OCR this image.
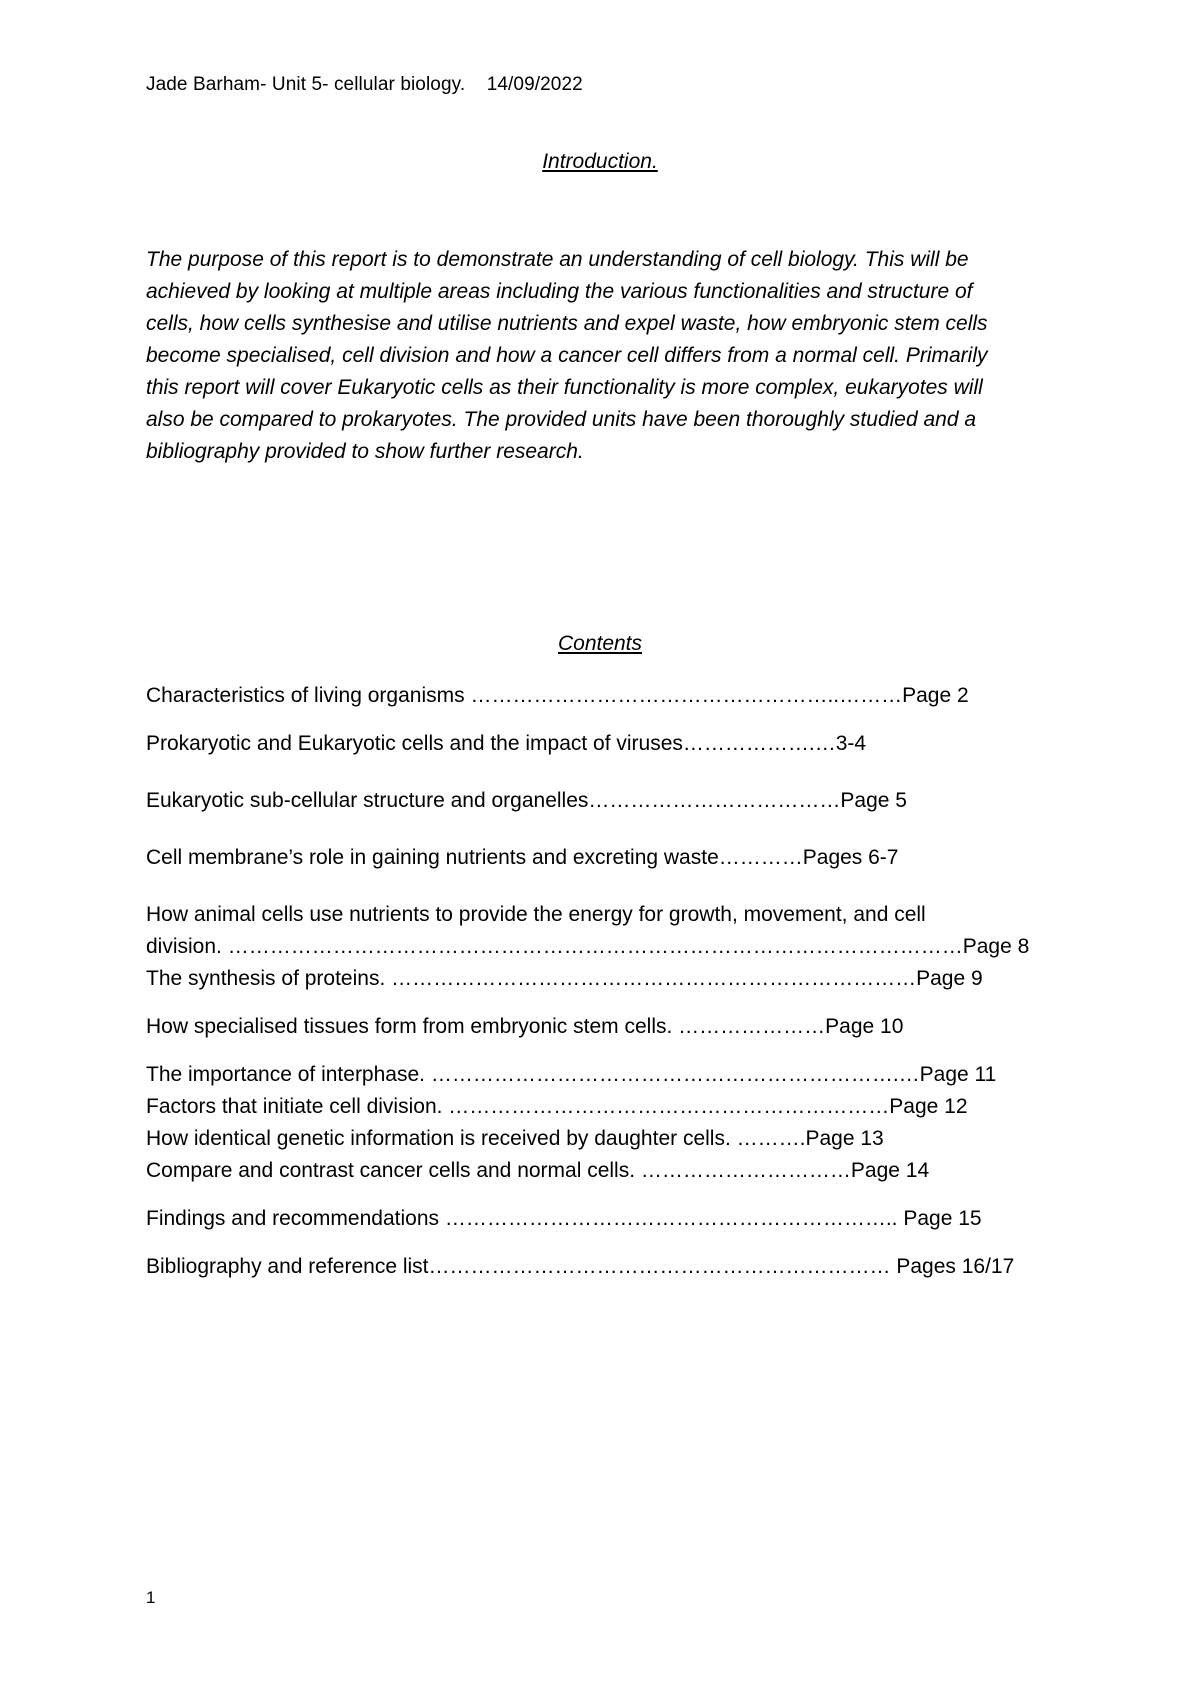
Jade Barham- Unit 5- cellular biology.    14/09/2022
Introduction.
The purpose of this report is to demonstrate an understanding of cell biology. This will be
achieved by looking at multiple areas including the various functionalities and structure of
cells, how cells synthesise and utilise nutrients and expel waste, how embryonic stem cells
become specialised, cell division and how a cancer cell differs from a normal cell. Primarily
this report will cover Eukaryotic cells as their functionality is more complex, eukaryotes will
also be compared to prokaryotes. The provided units have been thoroughly studied and a
bibliography provided to show further research.
Contents
Characteristics of living organisms ……………………………………………..………Page 2
Prokaryotic and Eukaryotic cells and the impact of viruses……………….…3-4
Eukaryotic sub-cellular structure and organelles………………………………Page 5
Cell membrane’s role in gaining nutrients and excreting waste…………Pages 6-7
How animal cells use nutrients to provide the energy for growth, movement, and cell
division. ……………………………………………………………………………………………Page 8
The synthesis of proteins. …………………………………………………………………Page 9
How specialised tissues form from embryonic stem cells. …………………Page 10
The importance of interphase. ………………………………………………………….…Page 11
Factors that initiate cell division. ………………………………………………………Page 12
How identical genetic information is received by daughter cells. ……….Page 13
Compare and contrast cancer cells and normal cells. …………………………Page 14
Findings and recommendations ……………………………………………………….. Page 15
Bibliography and reference list………………………………………………………… Pages 16/17
1
